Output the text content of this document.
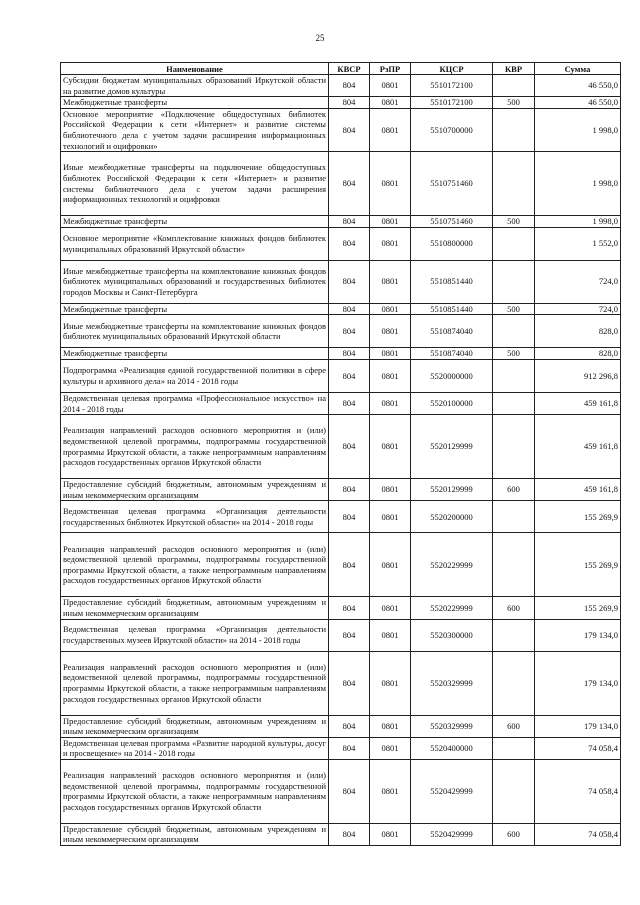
25
Наименование	КВСР	РзПР	КЦСР	КВР	Сумма
Субсидии бюджетам муниципальных образований Иркутской области на развитие домов культуры	804	0801	5510172100		46 550,0
Межбюджетные трансферты	804	0801	5510172100	500	46 550,0
Основное мероприятие «Подключение общедоступных библиотек Российской Федерации к сети «Интернет» и развитие системы библиотечного дела с учетом задачи расширения информационных технологий и оцифровки»	804	0801	5510700000		1 998,0
Иные межбюджетные трансферты на подключение общедоступных библиотек Российской Федерации к сети «Интернет» и развитие системы библиотечного дела с учетом задачи расширения информационных технологий и оцифровки	804	0801	5510751460		1 998,0
Межбюджетные трансферты	804	0801	5510751460	500	1 998,0
Основное мероприятие «Комплектование книжных фондов библиотек муниципальных образований Иркутской области»	804	0801	5510800000		1 552,0
Иные межбюджетные трансферты на комплектование книжных фондов библиотек муниципальных образований и государственных библиотек городов Москвы и Санкт-Петербурга	804	0801	5510851440		724,0
Межбюджетные трансферты	804	0801	5510851440	500	724,0
Иные межбюджетные трансферты на комплектование книжных фондов библиотек муниципальных образований Иркутской области	804	0801	5510874040		828,0
Межбюджетные трансферты	804	0801	5510874040	500	828,0
Подпрограмма «Реализация единой государственной политики в сфере культуры и архивного дела» на 2014 - 2018 годы	804	0801	5520000000		912 296,8
Ведомственная целевая программа «Профессиональное искусство» на 2014 - 2018 годы	804	0801	5520100000		459 161,8
Реализация направлений расходов основного мероприятия и (или) ведомственной целевой программы, подпрограммы государственной программы Иркутской области, а также непрограммным направлениям расходов государственных органов Иркутской области	804	0801	5520129999		459 161,8
Предоставление субсидий бюджетным, автономным учреждениям и иным некоммерческим организациям	804	0801	5520129999	600	459 161,8
Ведомственная целевая программа «Организация деятельности государственных библиотек Иркутской области» на 2014 - 2018 годы	804	0801	5520200000		155 269,9
Реализация направлений расходов основного мероприятия и (или) ведомственной целевой программы, подпрограммы государственной программы Иркутской области, а также непрограммным направлениям расходов государственных органов Иркутской области	804	0801	5520229999		155 269,9
Предоставление субсидий бюджетным, автономным учреждениям и иным некоммерческим организациям	804	0801	5520229999	600	155 269,9
Ведомственная целевая программа «Организация деятельности государственных музеев Иркутской области» на 2014 - 2018 годы	804	0801	5520300000		179 134,0
Реализация направлений расходов основного мероприятия и (или) ведомственной целевой программы, подпрограммы государственной программы Иркутской области, а также непрограммным направлениям расходов государственных органов Иркутской области	804	0801	5520329999		179 134,0
Предоставление субсидий бюджетным, автономным учреждениям и иным некоммерческим организациям	804	0801	5520329999	600	179 134,0
Ведомственная целевая программа «Развитие народной культуры, досуг и просвещение» на 2014 - 2018 годы	804	0801	5520400000		74 058,4
Реализация направлений расходов основного мероприятия и (или) ведомственной целевой программы, подпрограммы государственной программы Иркутской области, а также непрограммным направлениям расходов государственных органов Иркутской области	804	0801	5520429999		74 058,4
Предоставление субсидий бюджетным, автономным учреждениям и иным некоммерческим организациям	804	0801	5520429999	600	74 058,4
